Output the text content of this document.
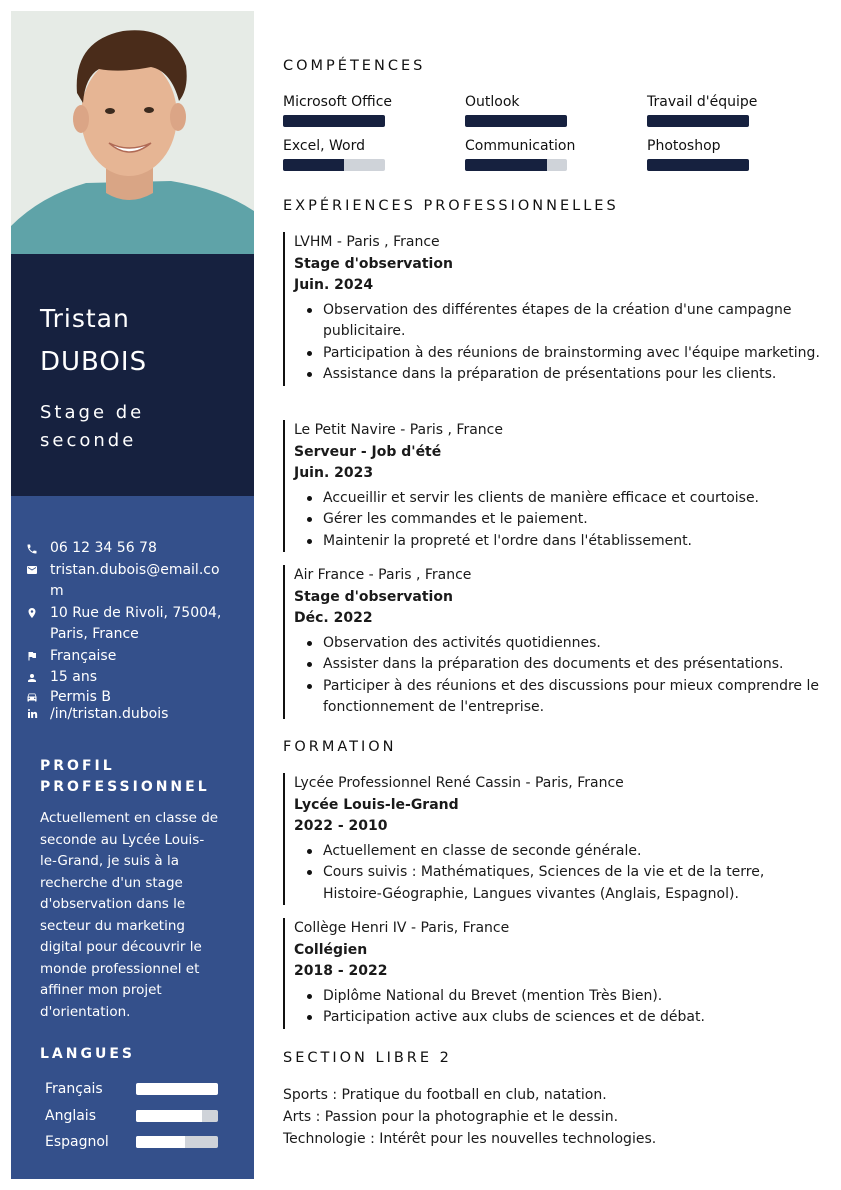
Tristan
DUBOIS
Stage de seconde
06 12 34 56 78
tristan.dubois@email.com
10 Rue de Rivoli, 75004, Paris, France
Française
15 ans
Permis B
/in/tristan.dubois
PROFIL PROFESSIONNEL
Actuellement en classe de seconde au Lycée Louis-le-Grand, je suis à la recherche d'un stage d'observation dans le secteur du marketing digital pour découvrir le monde professionnel et affiner mon projet d'orientation.
LANGUES
Français
Anglais
Espagnol
COMPÉTENCES
Microsoft Office	Outlook	Travail d'équipe
Excel, Word	Communication	Photoshop
EXPÉRIENCES PROFESSIONNELLES
LVHM - Paris , France
Stage d'observation
Juin. 2024
Observation des différentes étapes de la création d'une campagne publicitaire.
Participation à des réunions de brainstorming avec l'équipe marketing.
Assistance dans la préparation de présentations pour les clients.
Le Petit Navire - Paris , France
Serveur - Job d'été
Juin. 2023
Accueillir et servir les clients de manière efficace et courtoise.
Gérer les commandes et le paiement.
Maintenir la propreté et l'ordre dans l'établissement.
Air France - Paris , France
Stage d'observation
Déc. 2022
Observation des activités quotidiennes.
Assister dans la préparation des documents et des présentations.
Participer à des réunions et des discussions pour mieux comprendre le fonctionnement de l'entreprise.
FORMATION
Lycée Professionnel René Cassin - Paris, France
Lycée Louis-le-Grand
2022 - 2010
Actuellement en classe de seconde générale.
Cours suivis : Mathématiques, Sciences de la vie et de la terre, Histoire-Géographie, Langues vivantes (Anglais, Espagnol).
Collège Henri IV - Paris, France
Collégien
2018 - 2022
Diplôme National du Brevet (mention Très Bien).
Participation active aux clubs de sciences et de débat.
SECTION LIBRE 2
Sports : Pratique du football en club, natation.
Arts : Passion pour la photographie et le dessin.
Technologie : Intérêt pour les nouvelles technologies.
